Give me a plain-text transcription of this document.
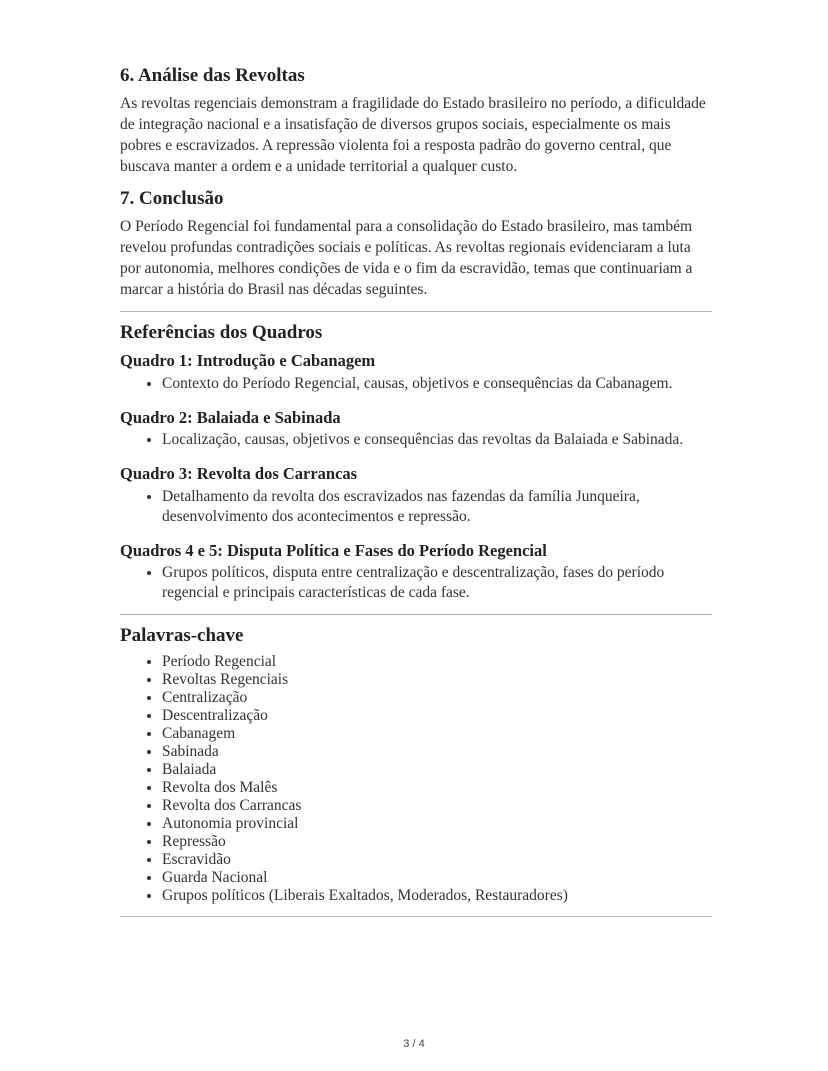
6. Análise das Revoltas

As revoltas regenciais demonstram a fragilidade do Estado brasileiro no período, a dificuldade de integração nacional e a insatisfação de diversos grupos sociais, especialmente os mais pobres e escravizados. A repressão violenta foi a resposta padrão do governo central, que buscava manter a ordem e a unidade territorial a qualquer custo.

7. Conclusão

O Período Regencial foi fundamental para a consolidação do Estado brasileiro, mas também revelou profundas contradições sociais e políticas. As revoltas regionais evidenciaram a luta por autonomia, melhores condições de vida e o fim da escravidão, temas que continuariam a marcar a história do Brasil nas décadas seguintes.

Referências dos Quadros
Quadro 1: Introdução e Cabanagem
• Contexto do Período Regencial, causas, objetivos e consequências da Cabanagem.
Quadro 2: Balaiada e Sabinada
• Localização, causas, objetivos e consequências das revoltas da Balaiada e Sabinada.
Quadro 3: Revolta dos Carrancas
• Detalhamento da revolta dos escravizados nas fazendas da família Junqueira, desenvolvimento dos acontecimentos e repressão.
Quadros 4 e 5: Disputa Política e Fases do Período Regencial
• Grupos políticos, disputa entre centralização e descentralização, fases do período regencial e principais características de cada fase.
Palavras-chave
• Período Regencial
• Revoltas Regenciais
• Centralização
• Descentralização
• Cabanagem
• Sabinada
• Balaiada
• Revolta dos Malês
• Revolta dos Carrancas
• Autonomia provincial
• Repressão
• Escravidão
• Guarda Nacional
• Grupos políticos (Liberais Exaltados, Moderados, Restauradores)
3 / 4
